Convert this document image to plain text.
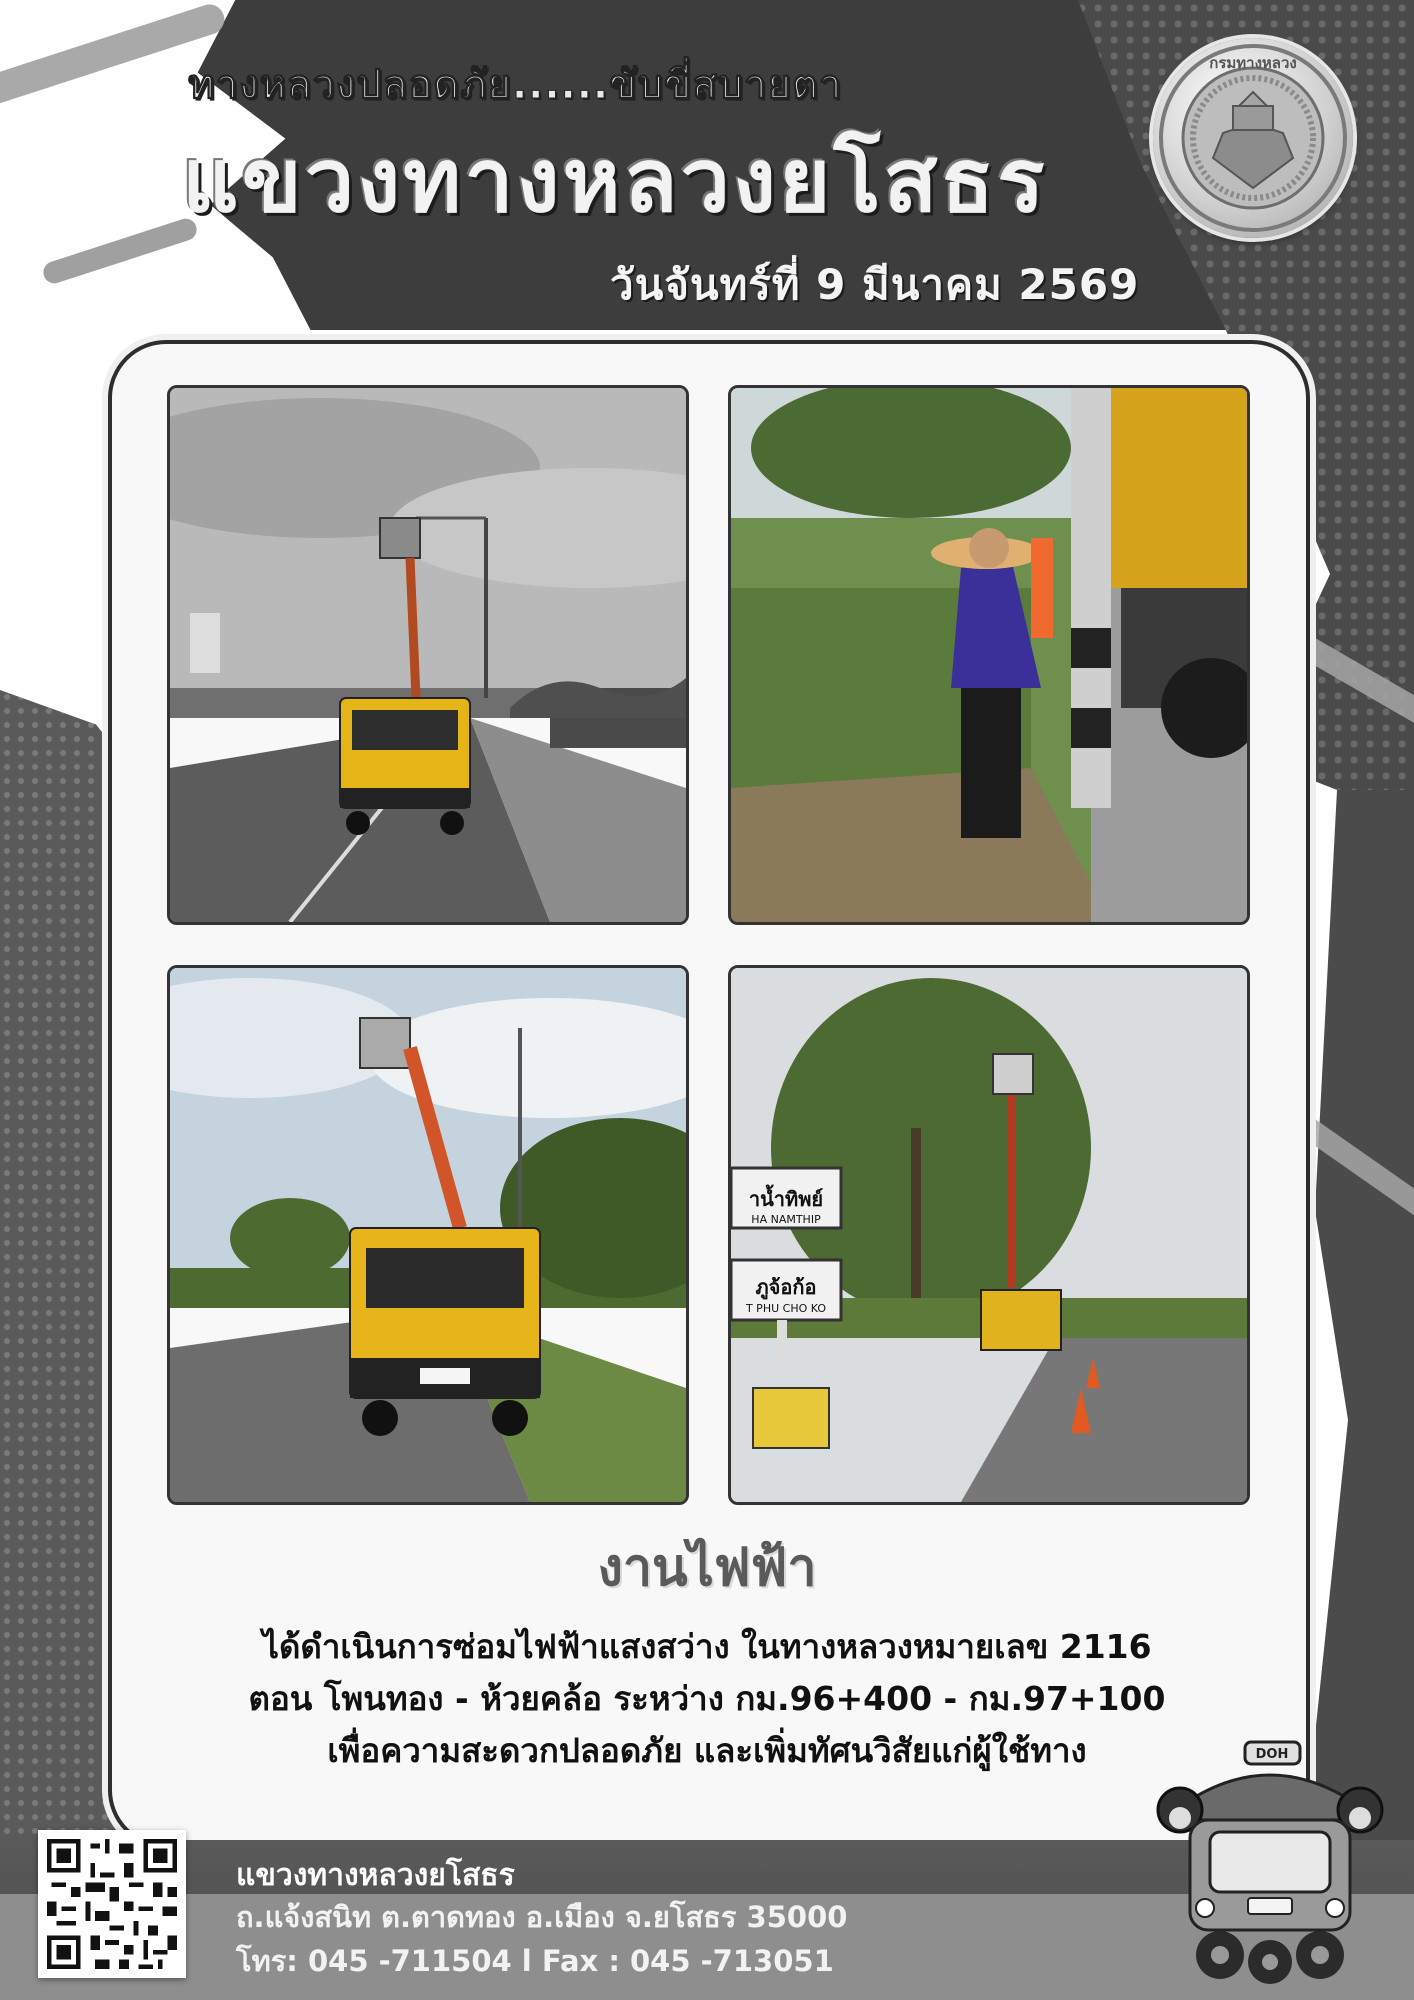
ทางหลวงปลอดภัย......ขับขี่สบายตา

แขวงทางหลวงยโสธร

วันจันทร์ที่ 9 มีนาคม 2569

กรมทางหลวง
าน้ำทิพย์
HA NAMTHIP
ภูจ้อก้อ
T PHU CHO KO
งานไฟฟ้า

ได้ดำเนินการซ่อมไฟฟ้าแสงสว่าง ในทางหลวงหมายเลข 2116

ตอน โพนทอง - ห้วยคล้อ ระหว่าง กม.96+400 - กม.97+100

เพื่อความสะดวกปลอดภัย และเพิ่มทัศนวิสัยแก่ผู้ใช้ทาง

แขวงทางหลวงยโสธร

ถ.แจ้งสนิท ต.ตาดทอง อ.เมือง จ.ยโสธร 35000

โทร: 045 -711504 l Fax : 045 -713051

DOH
